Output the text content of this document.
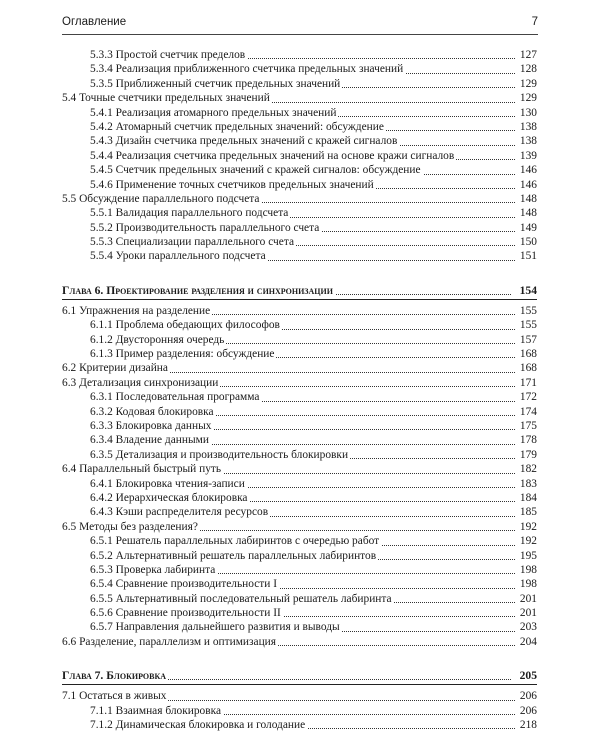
Оглавление	7
5.3.3 Простой счетчик пределов	127
5.3.4 Реализация приближенного счетчика предельных значений	128
5.3.5 Приближенный счетчик предельных значений	129
5.4 Точные счетчики предельных значений	129
5.4.1 Реализация атомарного предельных значений	130
5.4.2 Атомарный счетчик предельных значений: обсуждение	138
5.4.3 Дизайн счетчика предельных значений с кражей сигналов	138
5.4.4 Реализация счетчика предельных значений на основе кражи сигналов	139
5.4.5 Счетчик предельных значений с кражей сигналов: обсуждение	146
5.4.6 Применение точных счетчиков предельных значений	146
5.5 Обсуждение параллельного подсчета	148
5.5.1 Валидация параллельного подсчета	148
5.5.2 Производительность параллельного счета	149
5.5.3 Специализации параллельного счета	150
5.5.4 Уроки параллельного подсчета	151
Глава 6. Проектирование разделения и синхронизации	154
6.1 Упражнения на разделение	155
6.1.1 Проблема обедающих философов	155
6.1.2 Двусторонняя очередь	157
6.1.3 Пример разделения: обсуждение	168
6.2 Критерии дизайна	168
6.3 Детализация синхронизации	171
6.3.1 Последовательная программа	172
6.3.2 Кодовая блокировка	174
6.3.3 Блокировка данных	175
6.3.4 Владение данными	178
6.3.5 Детализация и производительность блокировки	179
6.4 Параллельный быстрый путь	182
6.4.1 Блокировка чтения-записи	183
6.4.2 Иерархическая блокировка	184
6.4.3 Кэши распределителя ресурсов	185
6.5 Методы без разделения?	192
6.5.1 Решатель параллельных лабиринтов с очередью работ	192
6.5.2 Альтернативный решатель параллельных лабиринтов	195
6.5.3 Проверка лабиринта	198
6.5.4 Сравнение производительности I	198
6.5.5 Альтернативный последовательный решатель лабиринта	201
6.5.6 Сравнение производительности II	201
6.5.7 Направления дальнейшего развития и выводы	203
6.6 Разделение, параллелизм и оптимизация	204
Глава 7. Блокировка	205
7.1 Остаться в живых	206
7.1.1 Взаимная блокировка	206
7.1.2 Динамическая блокировка и голодание	218
